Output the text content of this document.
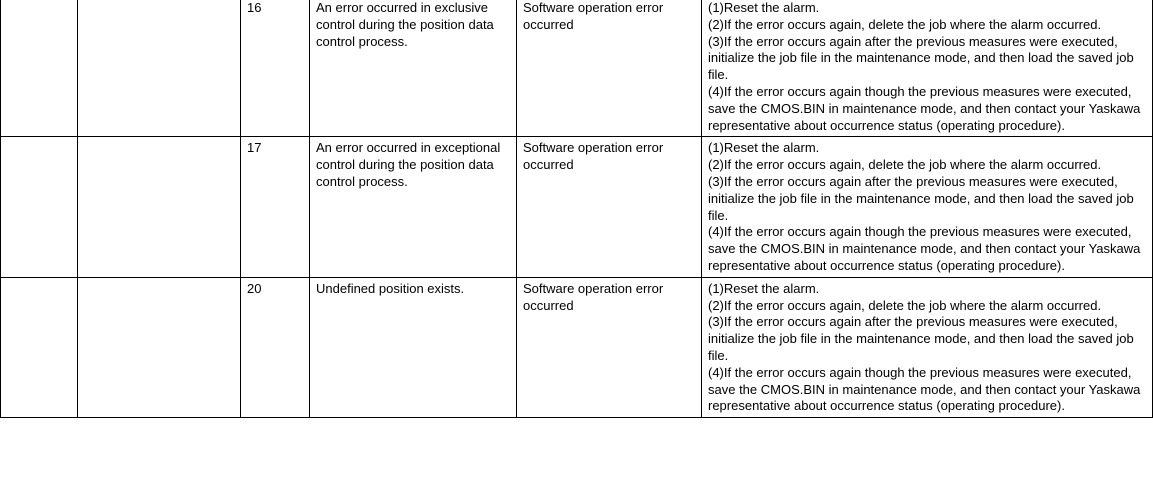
		16	An error occurred in exclusive control during the position data control process.	Software operation error occurred	(1)Reset the alarm.
(2)If the error occurs again, delete the job where the alarm occurred.
(3)If the error occurs again after the previous measures were executed, initialize the job file in the maintenance mode, and then load the saved job file.
(4)If the error occurs again though the previous measures were executed, save the CMOS.BIN in maintenance mode, and then contact your Yaskawa representative about occurrence status (operating procedure).

		17	An error occurred in exceptional control during the position data control process.	Software operation error occurred	(1)Reset the alarm.
(2)If the error occurs again, delete the job where the alarm occurred.
(3)If the error occurs again after the previous measures were executed, initialize the job file in the maintenance mode, and then load the saved job file.
(4)If the error occurs again though the previous measures were executed, save the CMOS.BIN in maintenance mode, and then contact your Yaskawa representative about occurrence status (operating procedure).

		20	Undefined position exists.	Software operation error occurred	(1)Reset the alarm.
(2)If the error occurs again, delete the job where the alarm occurred.
(3)If the error occurs again after the previous measures were executed, initialize the job file in the maintenance mode, and then load the saved job file.
(4)If the error occurs again though the previous measures were executed, save the CMOS.BIN in maintenance mode, and then contact your Yaskawa representative about occurrence status (operating procedure).
